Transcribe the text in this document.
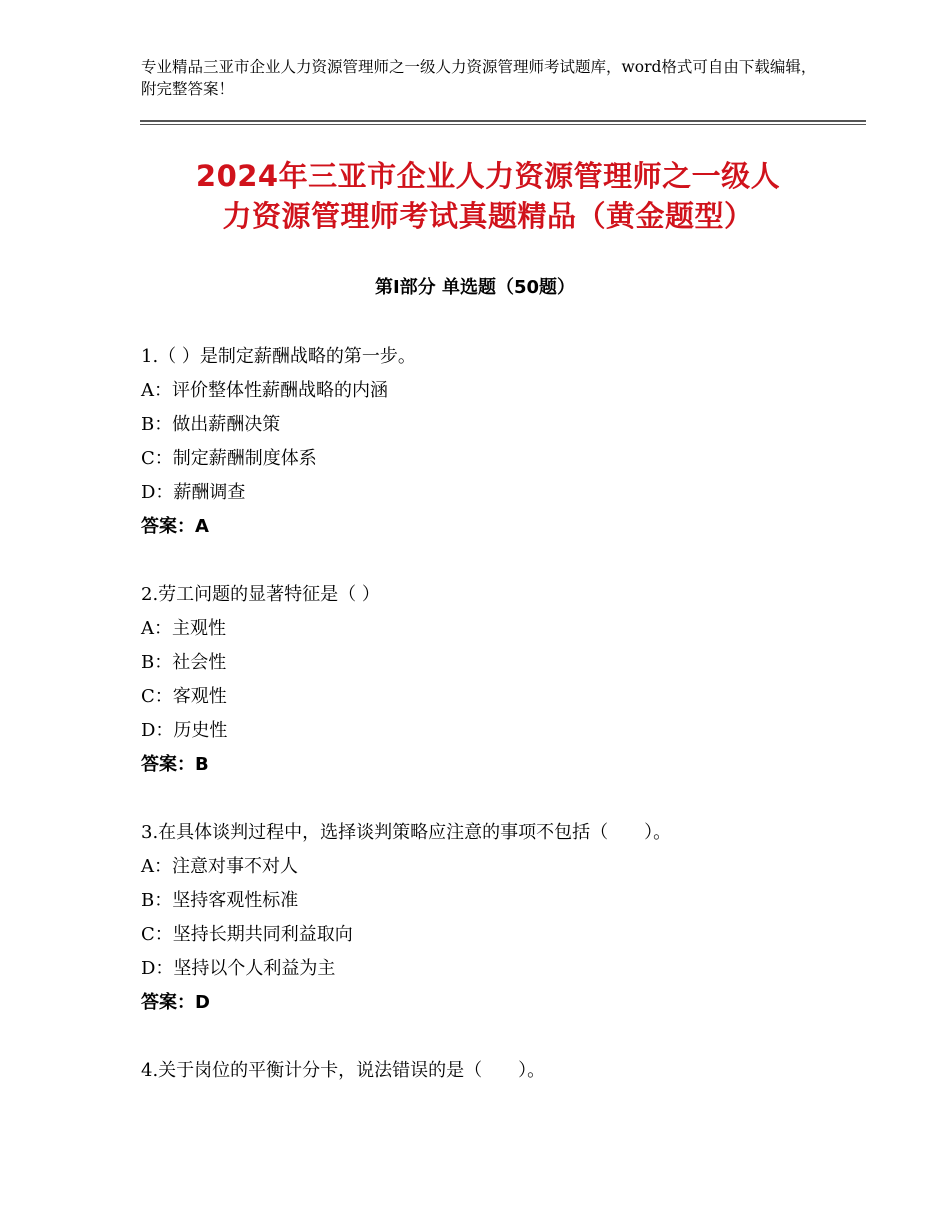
专业精品三亚市企业人力资源管理师之一级人力资源管理师考试题库，word格式可自由下载编辑，附完整答案！
2024年三亚市企业人力资源管理师之一级人
力资源管理师考试真题精品（黄金题型）
第Ⅰ部分 单选题（50题）
1.（ ）是制定薪酬战略的第一步。
A：评价整体性薪酬战略的内涵
B：做出薪酬决策
C：制定薪酬制度体系
D：薪酬调查
答案：A
2.劳工问题的显著特征是（ ）
A：主观性
B：社会性
C：客观性
D：历史性
答案：B
3.在具体谈判过程中，选择谈判策略应注意的事项不包括（　　）。
A：注意对事不对人
B：坚持客观性标准
C：坚持长期共同利益取向
D：坚持以个人利益为主
答案：D
4.关于岗位的平衡计分卡，说法错误的是（　　）。
